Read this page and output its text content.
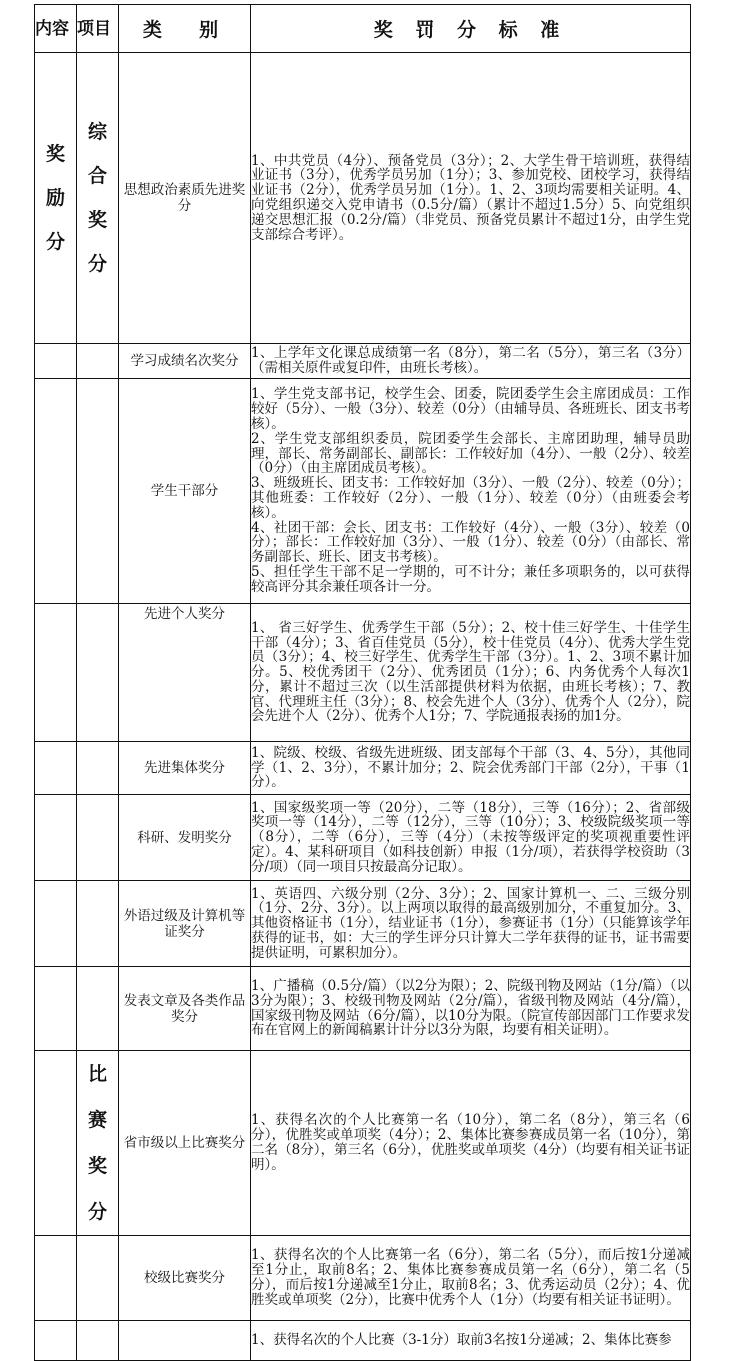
内容	项目	类  别	奖 罚 分 标 准
奖励分	综合奖分	思想政治素质先进奖分	1、中共党员（4分）、预备党员（3分）；2、大学生骨干培训班，获得结业证书（3分），优秀学员另加（1分）；3、参加党校、团校学习，获得结业证书（2分），优秀学员另加（1分）。1、2、3项均需要相关证明。4、向党组织递交入党申请书（0.5分/篇）（累计不超过1.5分）5、向党组织递交思想汇报（0.2分/篇）（非党员、预备党员累计不超过1分，由学生党支部综合考评）。

		学习成绩名次奖分	1、上学年文化课总成绩第一名（8分），第二名（5分），第三名（3分）（需相关原件或复印件，由班长考核）。

		学生干部分	1、学生党支部书记，校学生会、团委，院团委学生会主席团成员：工作较好（5分）、一般（3分）、较差（0分）（由辅导员、各班班长、团支书考核）。
2、学生党支部组织委员，院团委学生会部长、主席团助理，辅导员助理，部长、常务副部长、副部长：工作较好加（4分）、一般（2分）、较差（0分）（由主席团成员考核）。
3、班级班长、团支书：工作较好加（3分）、一般（2分）、较差（0分）；其他班委：工作较好（2分）、一般（1分）、较差（0分）（由班委会考核）。
4、社团干部：会长、团支书：工作较好（4分）、一般（3分）、较差（0分）；部长：工作较好加（3分）、一般（1分）、较差（0分）（由部长、常务副部长、班长、团支书考核）。
5、担任学生干部不足一学期的，可不计分；兼任多项职务的，以可获得较高评分其余兼任项各计一分。

		先进个人奖分	1、 省三好学生、优秀学生干部（5分）；2、校十佳三好学生、十佳学生干部（4分）；3、省百佳党员（5分），校十佳党员（4分）、优秀大学生党员（3分）；4、校三好学生、优秀学生干部（3分）。1、2、3项不累计加分。5、校优秀团干（2分）、优秀团员（1分）；6、内务优秀个人每次1分，累计不超过三次（以生活部提供材料为依据，由班长考核）；7、教官、代理班主任（3分）；8、校会先进个人（3分）、优秀个人（2分），院会先进个人（2分）、优秀个人1分；7、学院通报表扬的加1分。

		先进集体奖分	1、院级、校级、省级先进班级、团支部每个干部（3、4、5分），其他同学（1、2、3分），不累计加分；2、院会优秀部门干部（2分），干事（1分）。

		科研、发明奖分	1、国家级奖项一等（20分），二等（18分），三等（16分）；2、省部级奖项一等（14分），二等（12分），三等（10分）；3、校级院级奖项一等（8分），二等（6分），三等（4分）（未按等级评定的奖项视重要性评定）。4、某科研项目（如科技创新）申报（1分/项），若获得学校资助（3分/项）（同一项目只按最高分记取）。

		外语过级及计算机等证奖分	1、英语四、六级分别（2分、3分）；2、国家计算机一、二、三级分别（1分、2分、3分）。以上两项以取得的最高级别加分，不重复加分。3、其他资格证书（1分），结业证书（1分），参赛证书（1分）（只能算该学年获得的证书，如：大三的学生评分只计算大二学年获得的证书，证书需要提供证明，可累积加分）。

		发表文章及各类作品奖分	1、广播稿（0.5分/篇）（以2分为限）；2、院级刊物及网站（1分/篇）（以3分为限）；3、校级刊物及网站（2分/篇），省级刊物及网站（4分/篇），国家级刊物及网站（6分/篇），以10分为限。（院宣传部因部门工作要求发布在官网上的新闻稿累计计分以3分为限，均要有相关证明）。

	比赛奖分	省市级以上比赛奖分	1、获得名次的个人比赛第一名（10分），第二名（8分），第三名（6分），优胜奖或单项奖（4分）；2、集体比赛参赛成员第一名（10分），第二名（8分），第三名（6分），优胜奖或单项奖（4分）（均要有相关证书证明）。

		校级比赛奖分	1、获得名次的个人比赛第一名（6分），第二名（5分），而后按1分递减至1分止，取前8名；2、集体比赛参赛成员第一名（6分），第二名（5分），而后按1分递减至1分止，取前8名；3、优秀运动员（2分）；4、优胜奖或单项奖（2分），比赛中优秀个人（1分）（均要有相关证书证明）。

			1、获得名次的个人比赛（3-1分）取前3名按1分递减；2、集体比赛参
